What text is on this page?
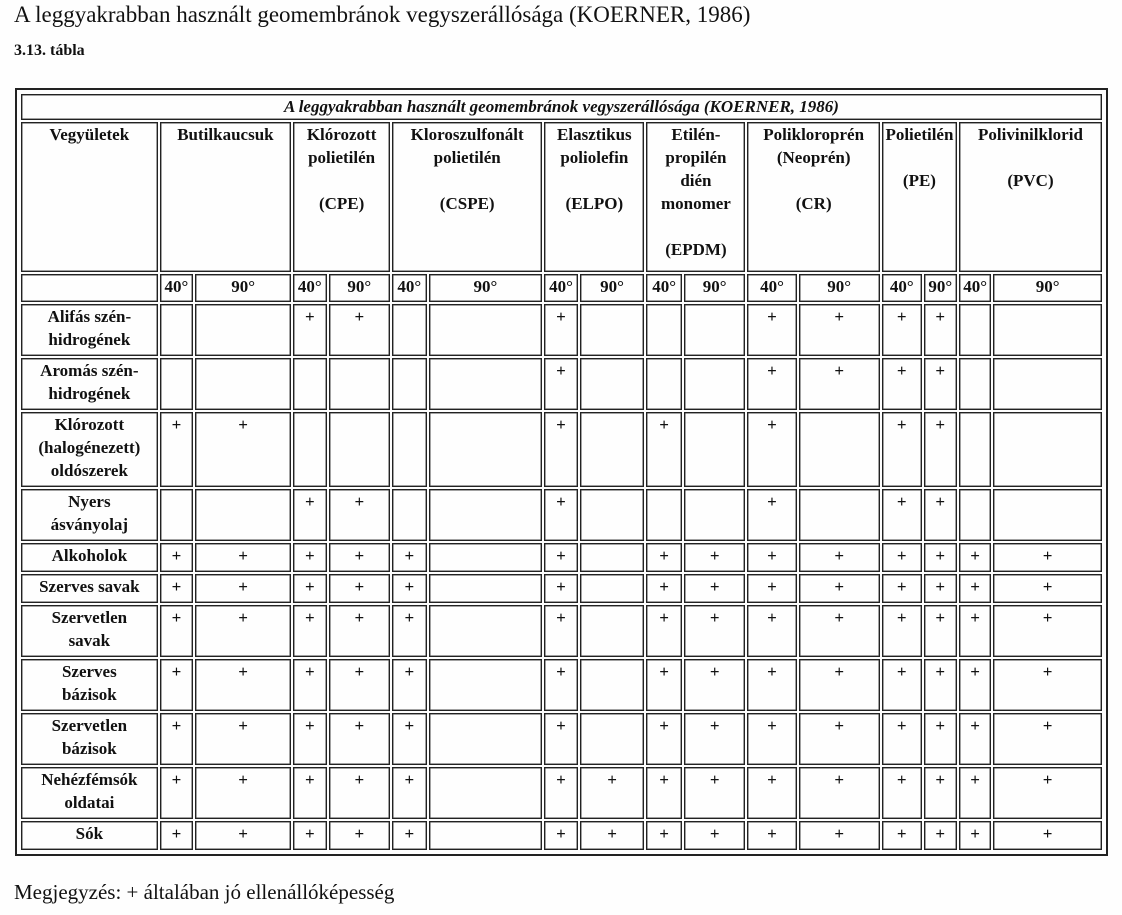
A leggyakrabban használt geomembránok vegyszerállósága (KOERNER, 1986)
3.13. tábla
A leggyakrabban használt geomembránok vegyszerállósága (KOERNER, 1986)																
Vegyületek	Butilkaucsuk		Klórozott
polietilén
(CPE)		Kloroszulfonált
polietilén
(CSPE)		Elasztikus
poliolefin
(ELPO)		Etilén-
propilén
dién
monomer
(EPDM)		Polikloroprén
(Neoprén)
(CR)		Polietilén
(PE)		Polivinilklorid
(PVC)	

	40°	90°	40°	90°	40°	90°	40°	90°	40°	90°	40°	90°	40°	90°	40°	90°

Alifás szén-
hidrogének			+	+			+				+	+	+	+		

Aromás szén-
hidrogének							+				+	+	+	+		

Klórozott
(halogénezett)
oldószerek	+	+					+		+		+		+	+		

Nyers
ásványolaj			+	+			+				+		+	+		

Alkoholok	+	+	+	+	+		+		+	+	+	+	+	+	+	+

Szerves savak	+	+	+	+	+		+		+	+	+	+	+	+	+	+

Szervetlen
savak	+	+	+	+	+		+		+	+	+	+	+	+	+	+

Szerves
bázisok	+	+	+	+	+		+		+	+	+	+	+	+	+	+

Szervetlen
bázisok	+	+	+	+	+		+		+	+	+	+	+	+	+	+

Nehézfémsók
oldatai	+	+	+	+	+		+	+	+	+	+	+	+	+	+	+

Sók	+	+	+	+	+		+	+	+	+	+	+	+	+	+	+
Megjegyzés: + általában jó ellenállóképesség
